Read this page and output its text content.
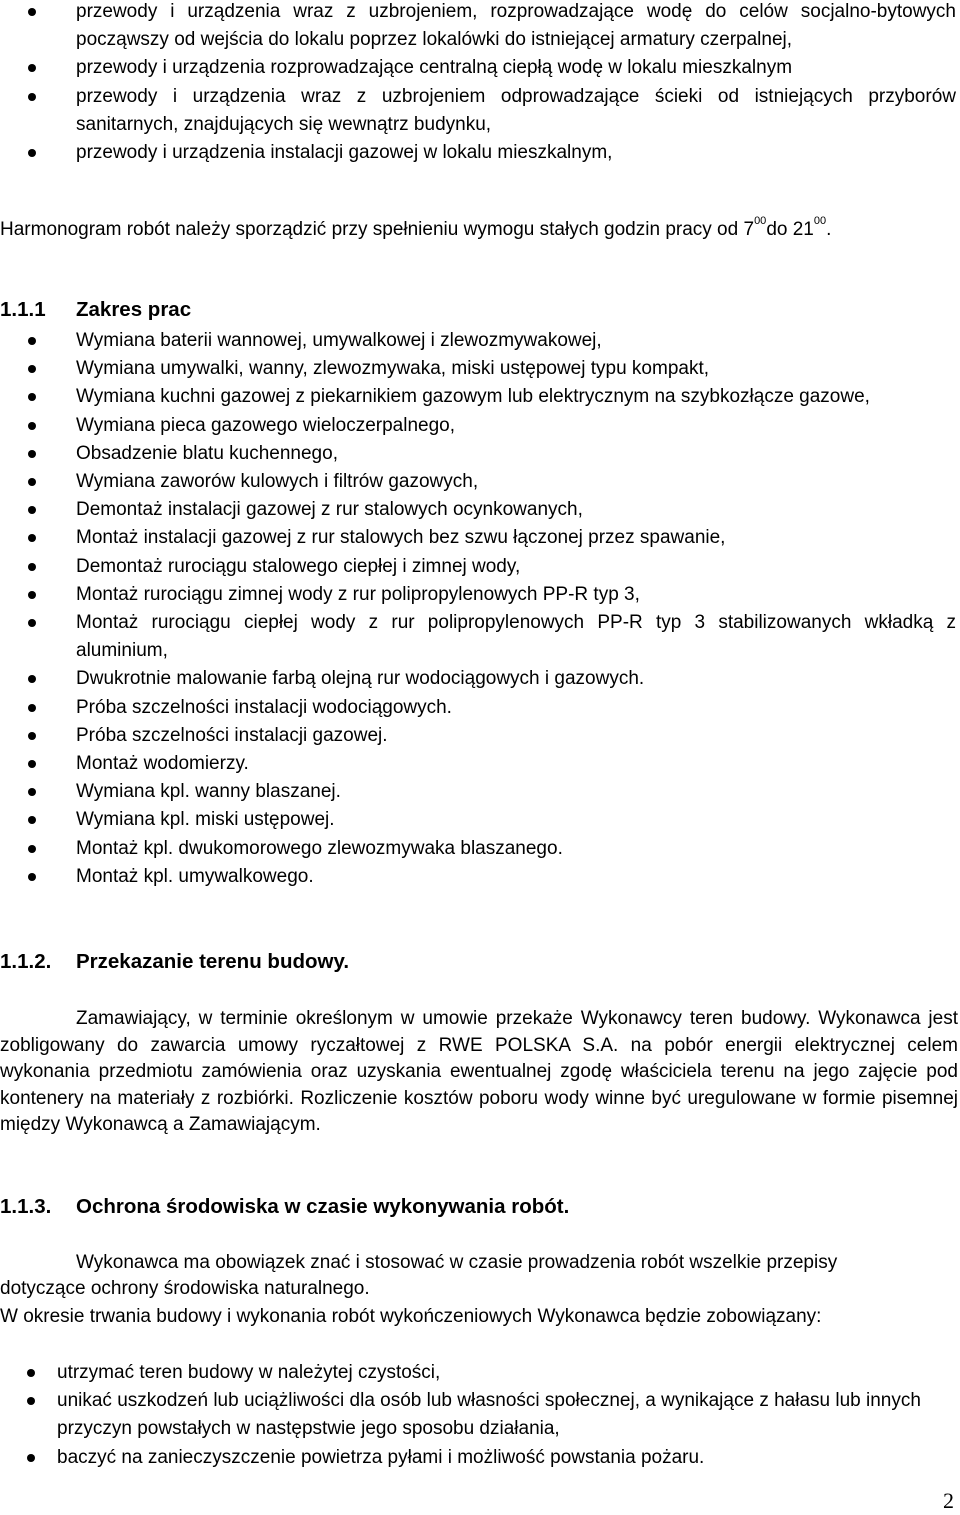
przewody i urządzenia wraz z uzbrojeniem, rozprowadzające wodę do celów socjalno-bytowych począwszy od wejścia do lokalu poprzez lokalówki do istniejącej armatury czerpalnej,
przewody i urządzenia rozprowadzające centralną ciepłą wodę w lokalu mieszkalnym
przewody i urządzenia wraz z uzbrojeniem odprowadzające ścieki od istniejących przyborów sanitarnych, znajdujących się wewnątrz budynku,
przewody i urządzenia instalacji gazowej w lokalu mieszkalnym,

Harmonogram robót należy sporządzić przy spełnieniu wymogu stałych godzin pracy od $7^{00}do$ $21^{00}$.

1.1.1 Zakres prac
Wymiana baterii wannowej, umywalkowej i zlewozmywakowej,
Wymiana umywalki, wanny, zlewozmywaka, miski ustępowej typu kompakt,
Wymiana kuchni gazowej z piekarnikiem gazowym lub elektrycznym na szybkozłącze gazowe,
Wymiana pieca gazowego wieloczerpalnego,
Obsadzenie blatu kuchennego,
Wymiana zaworów kulowych i filtrów gazowych,
Demontaż instalacji gazowej z rur stalowych ocynkowanych,
Montaż instalacji gazowej z rur stalowych bez szwu łączonej przez spawanie,
Demontaż rurociągu stalowego ciepłej i zimnej wody,
Montaż rurociągu zimnej wody z rur polipropylenowych PP-R typ 3,
Montaż rurociągu ciepłej wody z rur polipropylenowych PP-R typ 3 stabilizowanych wkładką z aluminium,
Dwukrotnie malowanie farbą olejną rur wodociągowych i gazowych.
Próba szczelności instalacji wodociągowych.
Próba szczelności instalacji gazowej.
Montaż wodomierzy.
Wymiana kpl. wanny blaszanej.
Wymiana kpl. miski ustępowej.
Montaż kpl. dwukomorowego zlewozmywaka blaszanego.
Montaż kpl. umywalkowego.
1.1.2. Przekazanie terenu budowy.

Zamawiający, w terminie określonym w umowie przekaże Wykonawcy teren budowy. Wykonawca jest zobligowany do zawarcia umowy ryczałtowej z RWE POLSKA S.A. na pobór energii elektrycznej celem wykonania przedmiotu zamówienia oraz uzyskania ewentualnej zgodę właściciela terenu na jego zajęcie pod kontenery na materiały z rozbiórki. Rozliczenie kosztów poboru wody winne być uregulowane w formie pisemnej między Wykonawcą a Zamawiającym.

1.1.3. Ochrona środowiska w czasie wykonywania robót.

Wykonawca ma obowiązek znać i stosować w czasie prowadzenia robót wszelkie przepisy dotyczące ochrony środowiska naturalnego.

W okresie trwania budowy i wykonania robót wykończeniowych Wykonawca będzie zobowiązany:

utrzymać teren budowy w należytej czystości,
unikać uszkodzeń lub uciążliwości dla osób lub własności społecznej, a wynikające z hałasu lub innych przyczyn powstałych w następstwie jego sposobu działania,
baczyć na zanieczyszczenie powietrza pyłami i możliwość powstania pożaru.
2
